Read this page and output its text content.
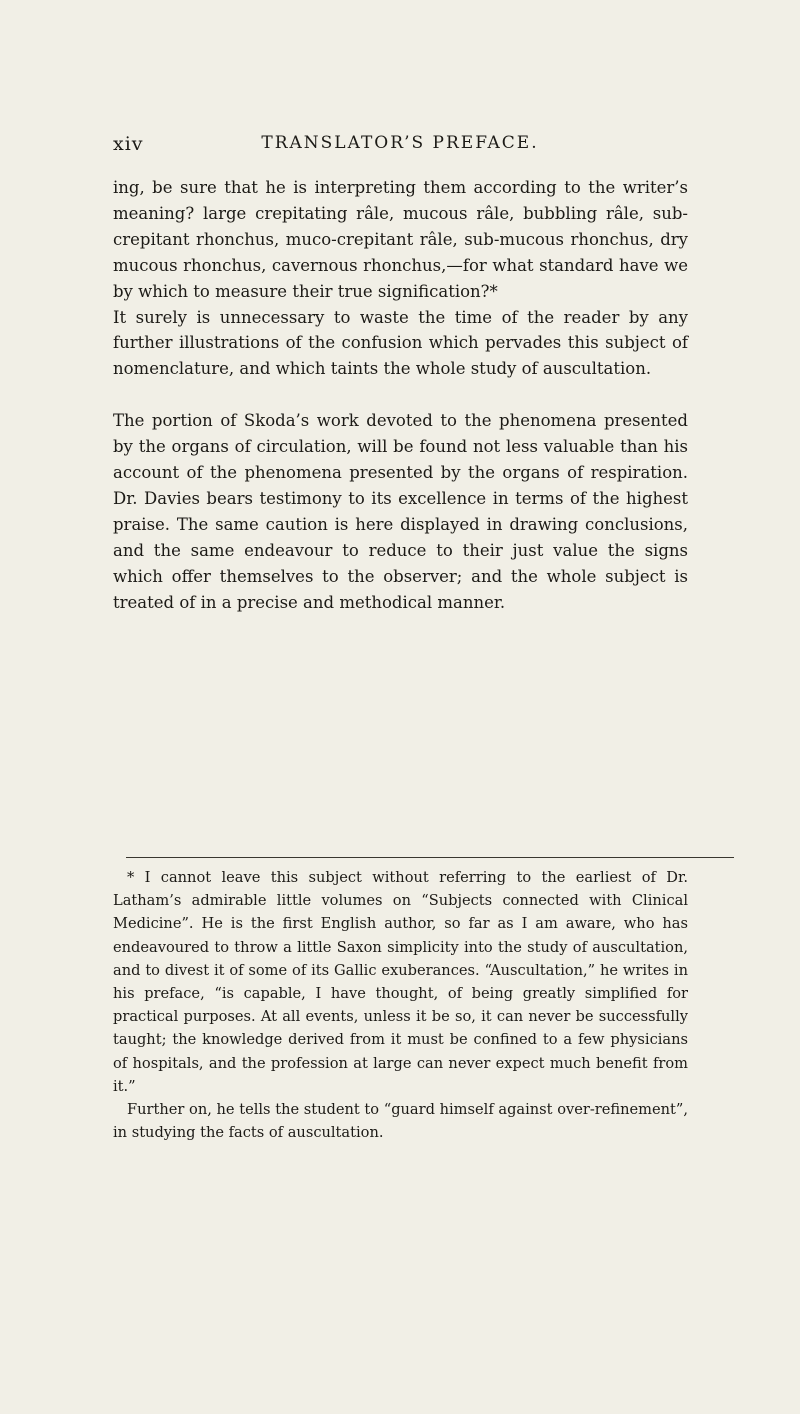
xiv	TRANSLATOR’S PREFACE.

ing, be sure that he is interpreting them according to the writer’s meaning? large crepitating râle, mucous râle, bubbling râle, sub-crepitant rhonchus, muco-crepitant râle, sub-mucous rhonchus, dry mucous rhonchus, cavernous rhonchus,—for what standard have we by which to measure their true signification?*

It surely is unnecessary to waste the time of the reader by any further illustrations of the confusion which pervades this subject of nomenclature, and which taints the whole study of auscultation.

The portion of Skoda’s work devoted to the phenomena presented by the organs of circulation, will be found not less valuable than his account of the phenomena presented by the organs of respiration. Dr. Davies bears testimony to its excellence in terms of the highest praise. The same caution is here displayed in drawing conclusions, and the same endeavour to reduce to their just value the signs which offer themselves to the observer; and the whole subject is treated of in a precise and methodical manner.

* I cannot leave this subject without referring to the earliest of Dr. Latham’s admirable little volumes on “Subjects connected with Clinical Medicine”. He is the first English author, so far as I am aware, who has endeavoured to throw a little Saxon simplicity into the study of auscultation, and to divest it of some of its Gallic exuberances. “Auscultation,” he writes in his preface, “is capable, I have thought, of being greatly simplified for practical purposes. At all events, unless it be so, it can never be successfully taught; the knowledge derived from it must be confined to a few physicians of hospitals, and the profession at large can never expect much benefit from it.”

Further on, he tells the student to “guard himself against over-refinement”, in studying the facts of auscultation.
